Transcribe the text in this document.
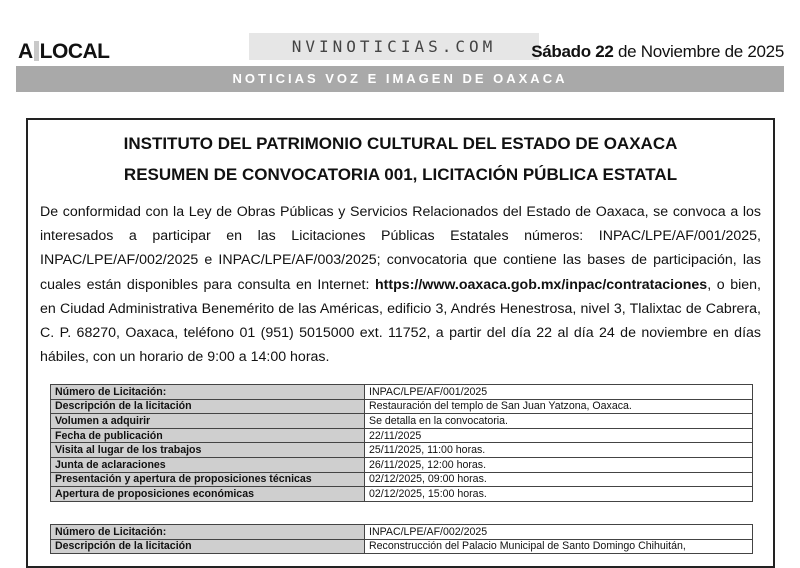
A LOCAL	NVINOTICIAS.COM	Sábado 22 de Noviembre de 2025
NOTICIAS VOZ E IMAGEN DE OAXACA

INSTITUTO DEL PATRIMONIO CULTURAL DEL ESTADO DE OAXACA

RESUMEN DE CONVOCATORIA 001, LICITACIÓN PÚBLICA ESTATAL

De conformidad con la Ley de Obras Públicas y Servicios Relacionados del Estado de Oaxaca, se convoca a los interesados a participar en las Licitaciones Públicas Estatales números: INPAC/LPE/AF/001/2025, INPAC/LPE/AF/002/2025 e INPAC/LPE/AF/003/2025; convocatoria que contiene las bases de participación, las cuales están disponibles para consulta en Internet: https://www.oaxaca.gob.mx/inpac/contrataciones, o bien, en Ciudad Administrativa Benemérito de las Américas, edificio 3, Andrés Henestrosa, nivel 3, Tlalixtac de Cabrera, C. P. 68270, Oaxaca, teléfono 01 (951) 5015000 ext. 11752, a partir del día 22 al día 24 de noviembre en días hábiles, con un horario de 9:00 a 14:00 horas.

Número de Licitación:	INPAC/LPE/AF/001/2025
Descripción de la licitación	Restauración del templo de San Juan Yatzona, Oaxaca.
Volumen a adquirir	Se detalla en la convocatoria.
Fecha de publicación	22/11/2025
Visita al lugar de los trabajos	25/11/2025, 11:00 horas.
Junta de aclaraciones	26/11/2025, 12:00 horas.
Presentación y apertura de proposiciones técnicas	02/12/2025, 09:00 horas.
Apertura de proposiciones económicas	02/12/2025, 15:00 horas.
Número de Licitación:	INPAC/LPE/AF/002/2025
Descripción de la licitación	Reconstrucción del Palacio Municipal de Santo Domingo Chihuitán,
